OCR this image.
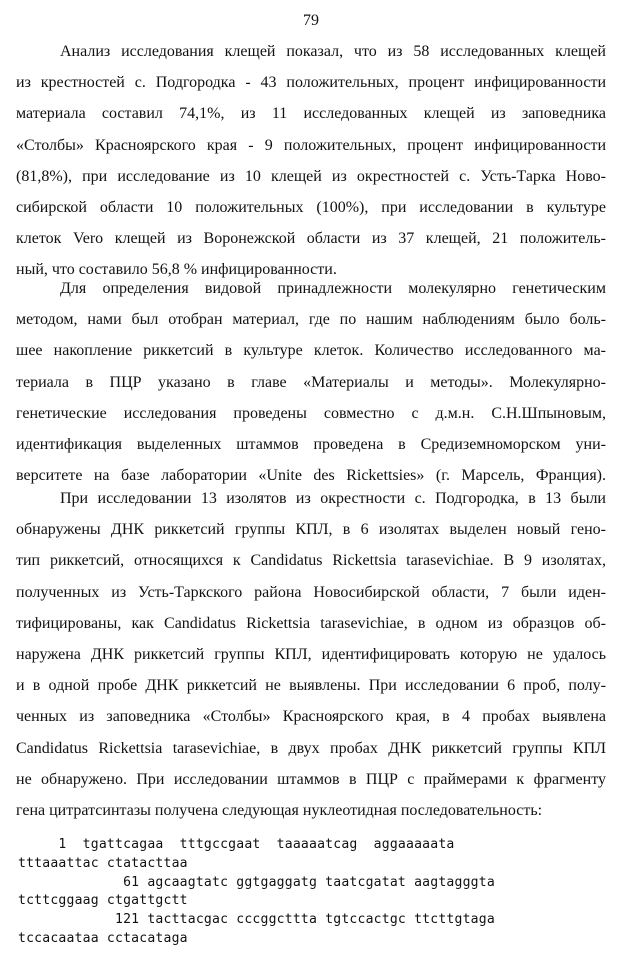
79
Анализ исследования клещей показал, что из 58 исследованных клещей
из крестностей с. Подгородка - 43 положительных, процент инфицированности
материала составил 74,1%, из 11 исследованных клещей из заповедника
«Столбы» Красноярского края - 9 положительных, процент инфицированности
(81,8%), при исследование из 10 клещей из окрестностей с. Усть-Тарка Ново-
сибирской области 10 положительных (100%), при исследовании в культуре
клеток Vero клещей из Воронежской области из 37 клещей, 21 положитель-
ный, что составило 56,8 % инфицированности.
Для определения видовой принадлежности молекулярно генетическим
методом, нами был отобран материал, где по нашим наблюдениям было боль-
шее накопление риккетсий в культуре клеток. Количество исследованного ма-
териала в ПЦР указано в главе «Материалы и методы». Молекулярно-
генетические исследования проведены совместно с д.м.н. С.Н.Шпыновым,
идентификация выделенных штаммов проведена в Средиземноморском уни-
верситете на базе лаборатории «Unite des Rickettsies» (г. Марсель, Франция).
При исследовании 13 изолятов из окрестности с. Подгородка, в 13 были
обнаружены ДНК риккетсий группы КПЛ, в 6 изолятах выделен новый гено-
тип риккетсий, относящихся к Candidatus Rickettsia tarasevichiae. В 9 изолятах,
полученных из Усть-Таркского района Новосибирской области, 7 были иден-
тифицированы, как Candidatus Rickettsia tarasevichiae, в одном из образцов об-
наружена ДНК риккетсий группы КПЛ, идентифицировать которую не удалось
и в одной пробе ДНК риккетсий не выявлены. При исследовании 6 проб, полу-
ченных из заповедника «Столбы» Красноярского края, в 4 пробах выявлена
Candidatus Rickettsia tarasevichiae, в двух пробах ДНК риккетсий группы КПЛ
не обнаружено. При исследовании штаммов в ПЦР с праймерами к фрагменту
гена цитратсинтазы получена следующая нуклеотидная последовательность:
1  tgattcagaa  tttgccgaat  taaaaatcag  aggaaaaata
tttaaattac ctatacttaa
61 agcaagtatc ggtgaggatg taatcgatat aagtagggta
tcttcggaag ctgattgctt
121 tacttacgac cccggcttta tgtccactgc ttcttgtaga
tccacaataa cctacataga
